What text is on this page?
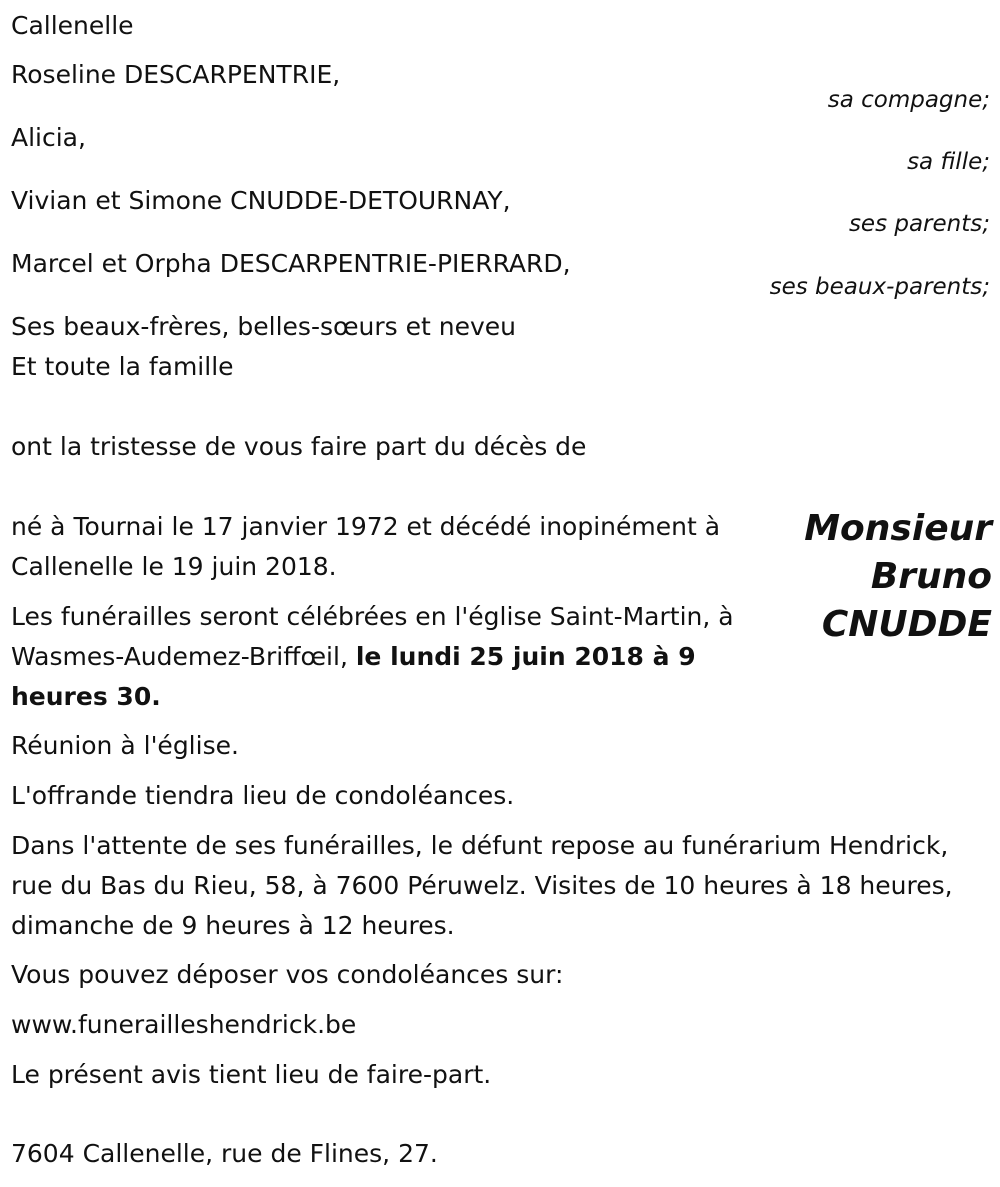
Callenelle
Roseline DESCARPENTRIE,
sa compagne;
Alicia,
sa fille;
Vivian et Simone CNUDDE-DETOURNAY,
ses parents;
Marcel et Orpha DESCARPENTRIE-PIERRARD,
ses beaux-parents;
Ses beaux-frères, belles-sœurs et neveu
Et toute la famille
ont la tristesse de vous faire part du décès de
Monsieur
Bruno
CNUDDE
né à Tournai le 17 janvier 1972 et décédé inopinément à Callenelle le 19 juin 2018.
Les funérailles seront célébrées en l'église Saint-Martin, à Wasmes-Audemez-Briffœil, le lundi 25 juin 2018 à 9 heures 30.
Réunion à l'église.
L'offrande tiendra lieu de condoléances.
Dans l'attente de ses funérailles, le défunt repose au funérarium Hendrick, rue du Bas du Rieu, 58, à 7600 Péruwelz. Visites de 10 heures à 18 heures, dimanche de 9 heures à 12 heures.
Vous pouvez déposer vos condoléances sur:
www.funerailleshendrick.be
Le présent avis tient lieu de faire-part.
7604 Callenelle, rue de Flines, 27.
